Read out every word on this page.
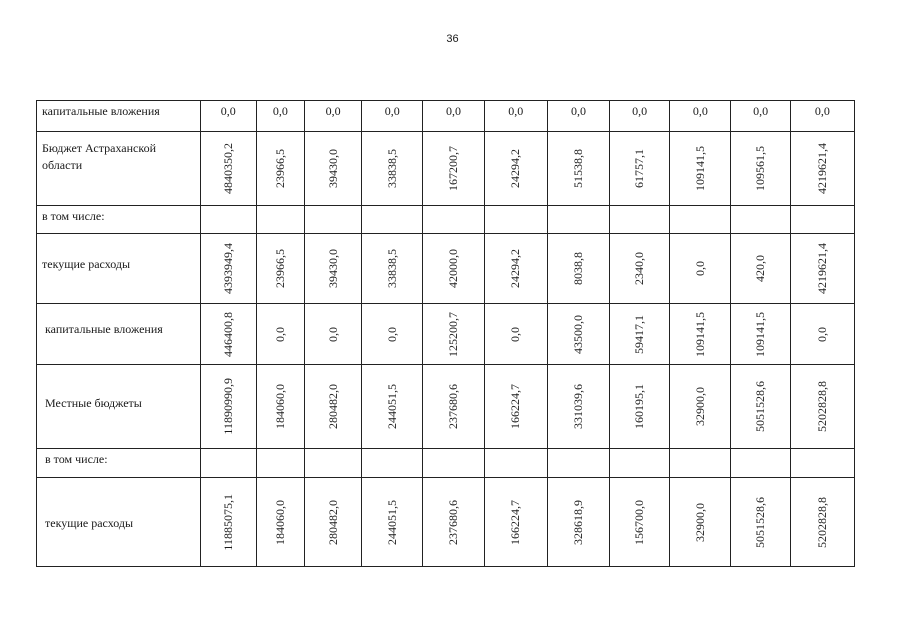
36
капитальные вложения	0,0	0,0	0,0	0,0	0,0	0,0	0,0	0,0	0,0	0,0	0,0
Бюджет Астраханской области	4840350,2	23966,5	39430,0	33838,5	167200,7	24294,2	51538,8	61757,1	109141,5	109561,5	4219621,4

в том числе:											
текущие расходы	4393949,4	23966,5	39430,0	33838,5	42000,0	24294,2	8038,8	2340,0	0,0	420,0	4219621,4

капитальные вложения	446400,8	0,0	0,0	0,0	125200,7	0,0	43500,0	59417,1	109141,5	109141,5	0,0

Местные бюджеты	11890990,9	184060,0	280482,0	244051,5	237680,6	166224,7	331039,6	160195,1	32900,0	5051528,6	5202828,8

в том числе:											
текущие расходы	11885075,1	184060,0	280482,0	244051,5	237680,6	166224,7	328618,9	156700,0	32900,0	5051528,6	5202828,8
